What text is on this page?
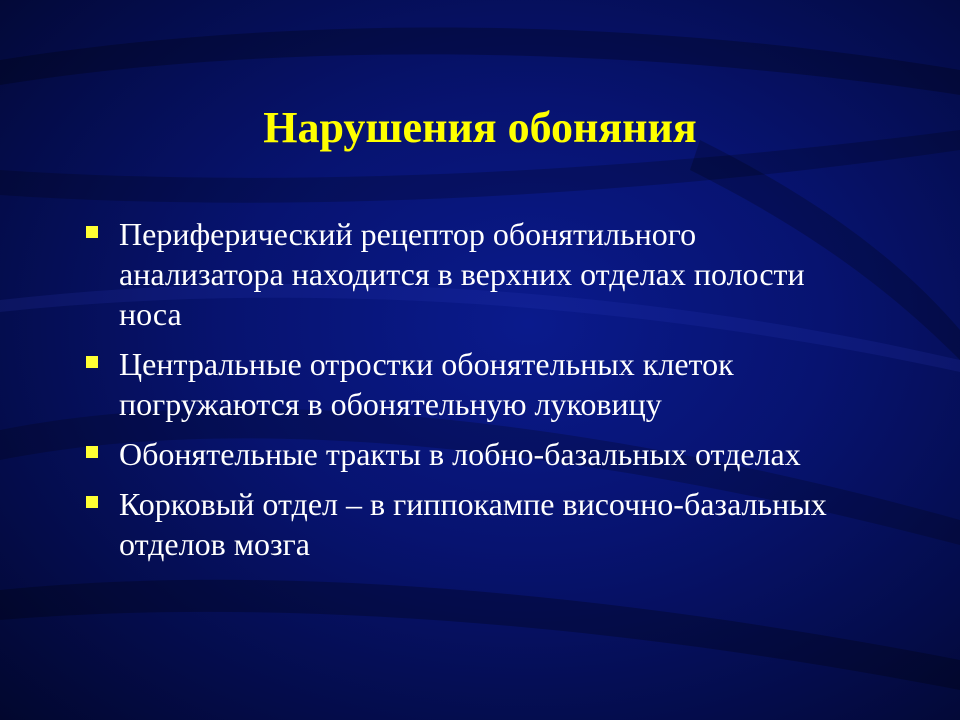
Нарушения обоняния
Периферический рецептор обонятильного анализатора находится в верхних отделах полости носа
Центральные отростки обонятельных клеток погружаются в обонятельную луковицу
Обонятельные тракты в лобно-базальных отделах
Корковый отдел – в гиппокампе височно-базальных отделов мозга
